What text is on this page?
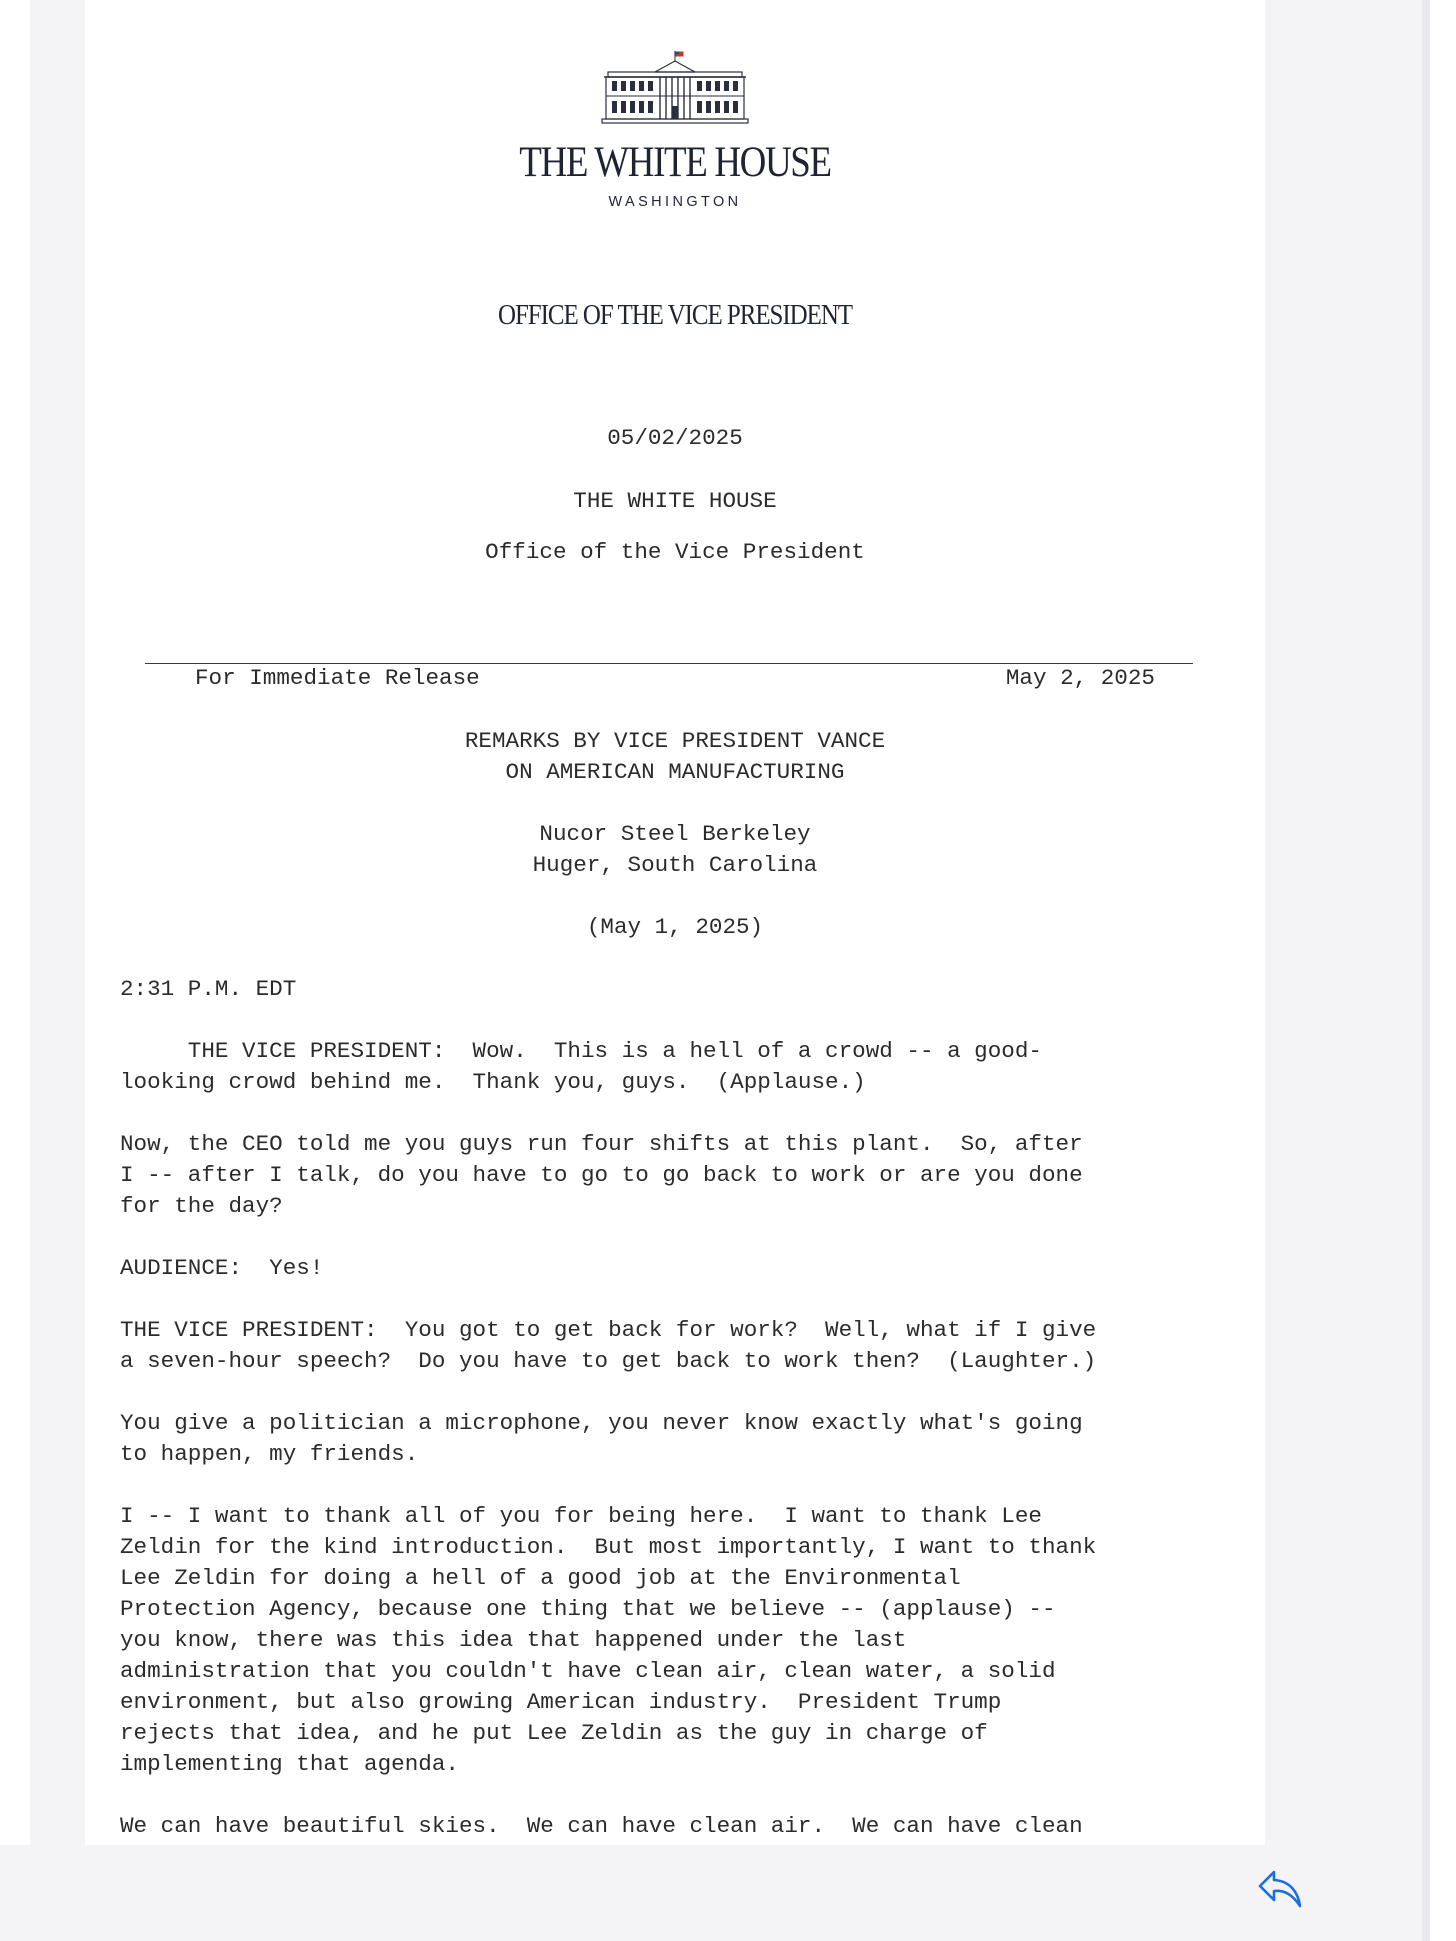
THE WHITE HOUSE
WASHINGTON
OFFICE OF THE VICE PRESIDENT

05/02/2025

THE WHITE HOUSE

Office of the Vice President

For Immediate Release	May 2, 2025

REMARKS BY VICE PRESIDENT VANCE

ON AMERICAN MANUFACTURING

Nucor Steel Berkeley

Huger, South Carolina

(May 1, 2025)

2:31 P.M. EDT

THE VICE PRESIDENT:  Wow.  This is a hell of a crowd -- a good-

looking crowd behind me.  Thank you, guys.  (Applause.)

Now, the CEO told me you guys run four shifts at this plant.  So, after

I -- after I talk, do you have to go to go back to work or are you done

for the day?

AUDIENCE:  Yes!

THE VICE PRESIDENT:  You got to get back for work?  Well, what if I give

a seven-hour speech?  Do you have to get back to work then?  (Laughter.)

You give a politician a microphone, you never know exactly what's going

to happen, my friends.

I -- I want to thank all of you for being here.  I want to thank Lee

Zeldin for the kind introduction.  But most importantly, I want to thank

Lee Zeldin for doing a hell of a good job at the Environmental

Protection Agency, because one thing that we believe -- (applause) --

you know, there was this idea that happened under the last

administration that you couldn't have clean air, clean water, a solid

environment, but also growing American industry.  President Trump

rejects that idea, and he put Lee Zeldin as the guy in charge of

implementing that agenda.

We can have beautiful skies.  We can have clean air.  We can have clean
